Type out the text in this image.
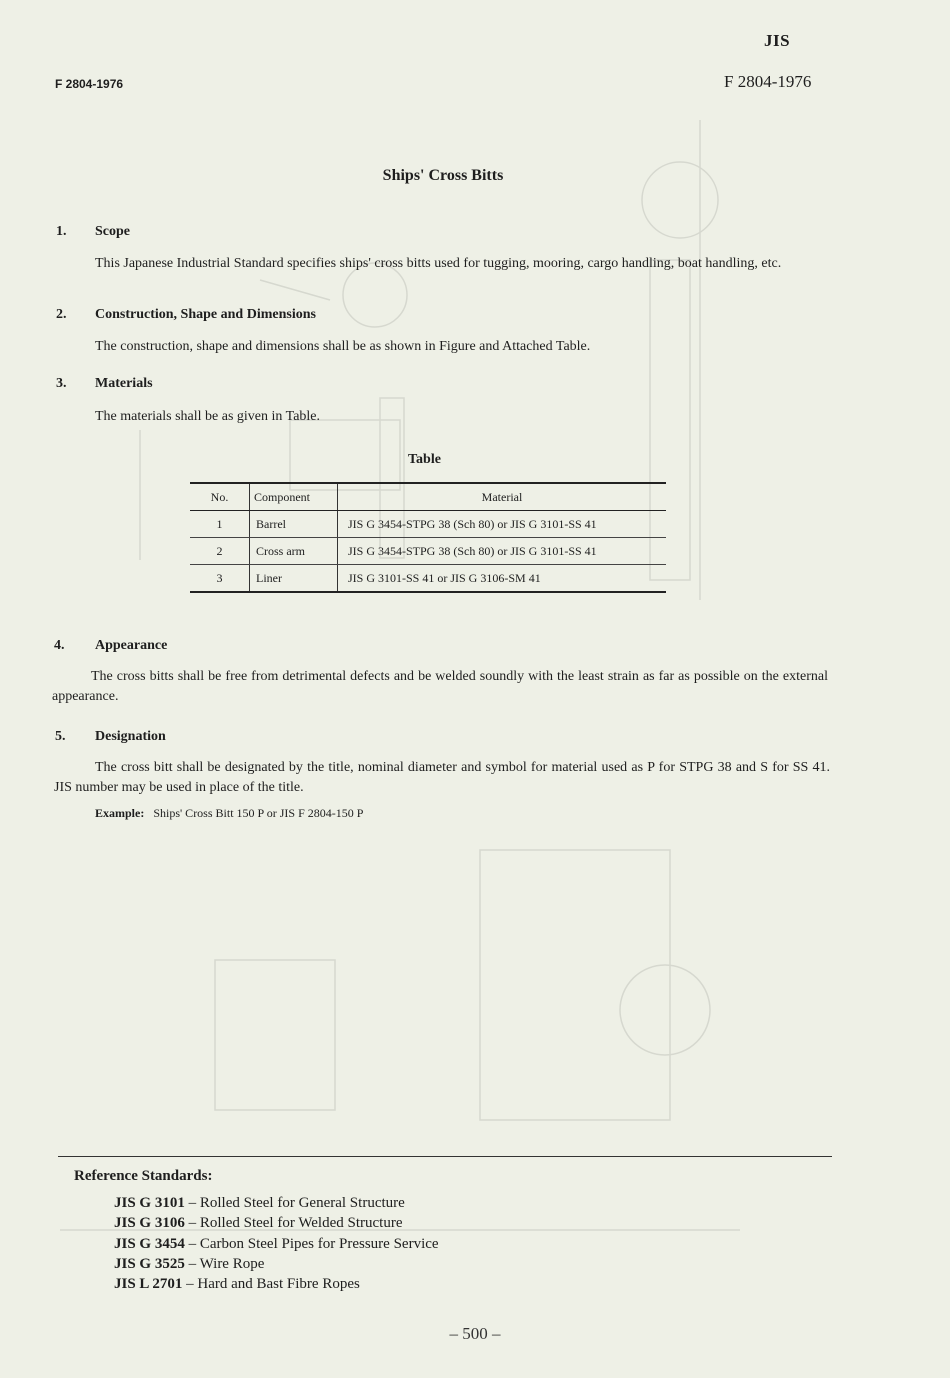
JIS
F 2804-1976
F 2804-1976
Ships' Cross Bitts
1. Scope
This Japanese Industrial Standard specifies ships' cross bitts used for tugging, mooring, cargo handling, boat handling, etc.
2. Construction, Shape and Dimensions
The construction, shape and dimensions shall be as shown in Figure and Attached Table.
3. Materials
The materials shall be as given in Table.
Table
No.	Component	Material
1	Barrel	JIS G 3454-STPG 38 (Sch 80) or JIS G 3101-SS 41
2	Cross arm	JIS G 3454-STPG 38 (Sch 80) or JIS G 3101-SS 41
3	Liner	JIS G 3101-SS 41 or JIS G 3106-SM 41
4. Appearance
The cross bitts shall be free from detrimental defects and be welded soundly with the least strain as far as possible on the external appearance.
5. Designation
The cross bitt shall be designated by the title, nominal diameter and symbol for material used as P for STPG 38 and S for SS 41. JIS number may be used in place of the title.
Example: Ships' Cross Bitt 150 P or JIS F 2804-150 P
Reference Standards:
JIS G 3101 – Rolled Steel for General Structure
JIS G 3106 – Rolled Steel for Welded Structure
JIS G 3454 – Carbon Steel Pipes for Pressure Service
JIS G 3525 – Wire Rope
JIS L 2701 – Hard and Bast Fibre Ropes
– 500 –
